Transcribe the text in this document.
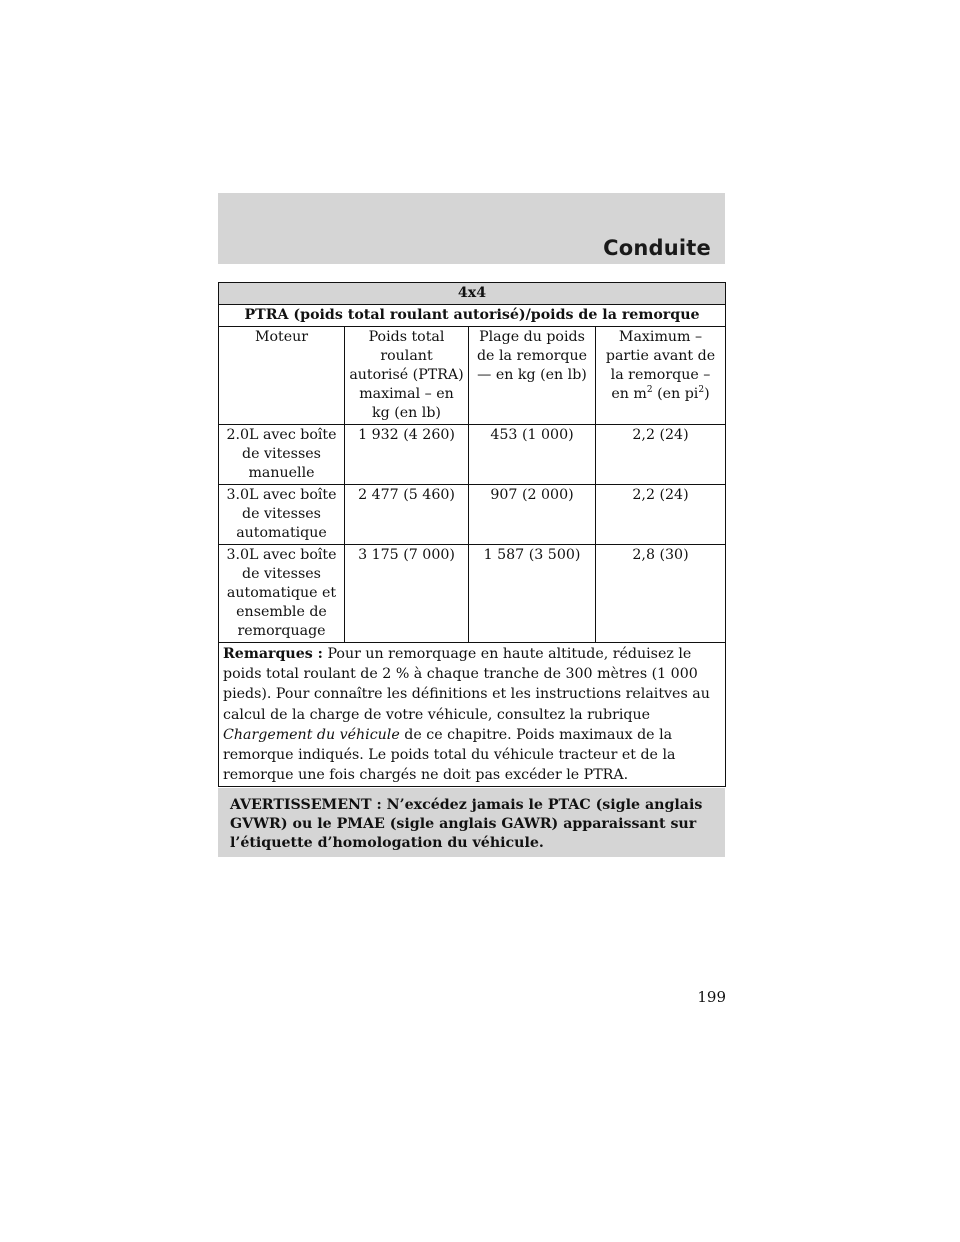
Conduite
4x4			
PTRA (poids total roulant autorisé)/poids de la remorque			
Moteur	Poids total roulant autorisé (PTRA) maximal – en kg (en lb)	Plage du poids de la remorque — en kg (en lb)	Maximum – partie avant de la remorque – en $m^2$ (en $pi^2$)
2.0L avec boîte de vitesses manuelle	1 932 (4 260)	453 (1 000)	2,2 (24)
3.0L avec boîte de vitesses automatique	2 477 (5 460)	907 (2 000)	2,2 (24)
3.0L avec boîte de vitesses automatique et ensemble de remorquage	3 175 (7 000)	1 587 (3 500)	2,8 (30)
Remarques : Pour un remorquage en haute altitude, réduisez le poids total roulant de 2 % à chaque tranche de 300 mètres (1 000 pieds). Pour connaître les définitions et les instructions relaitves au calcul de la charge de votre véhicule, consultez la rubrique Chargement du véhicule de ce chapitre. Poids maximaux de la remorque indiqués. Le poids total du véhicule tracteur et de la remorque une fois chargés ne doit pas excéder le PTRA.			
AVERTISSEMENT : N’excédez jamais le PTAC (sigle anglais GVWR) ou le PMAE (sigle anglais GAWR) apparaissant sur l’étiquette d’homologation du véhicule.
199
